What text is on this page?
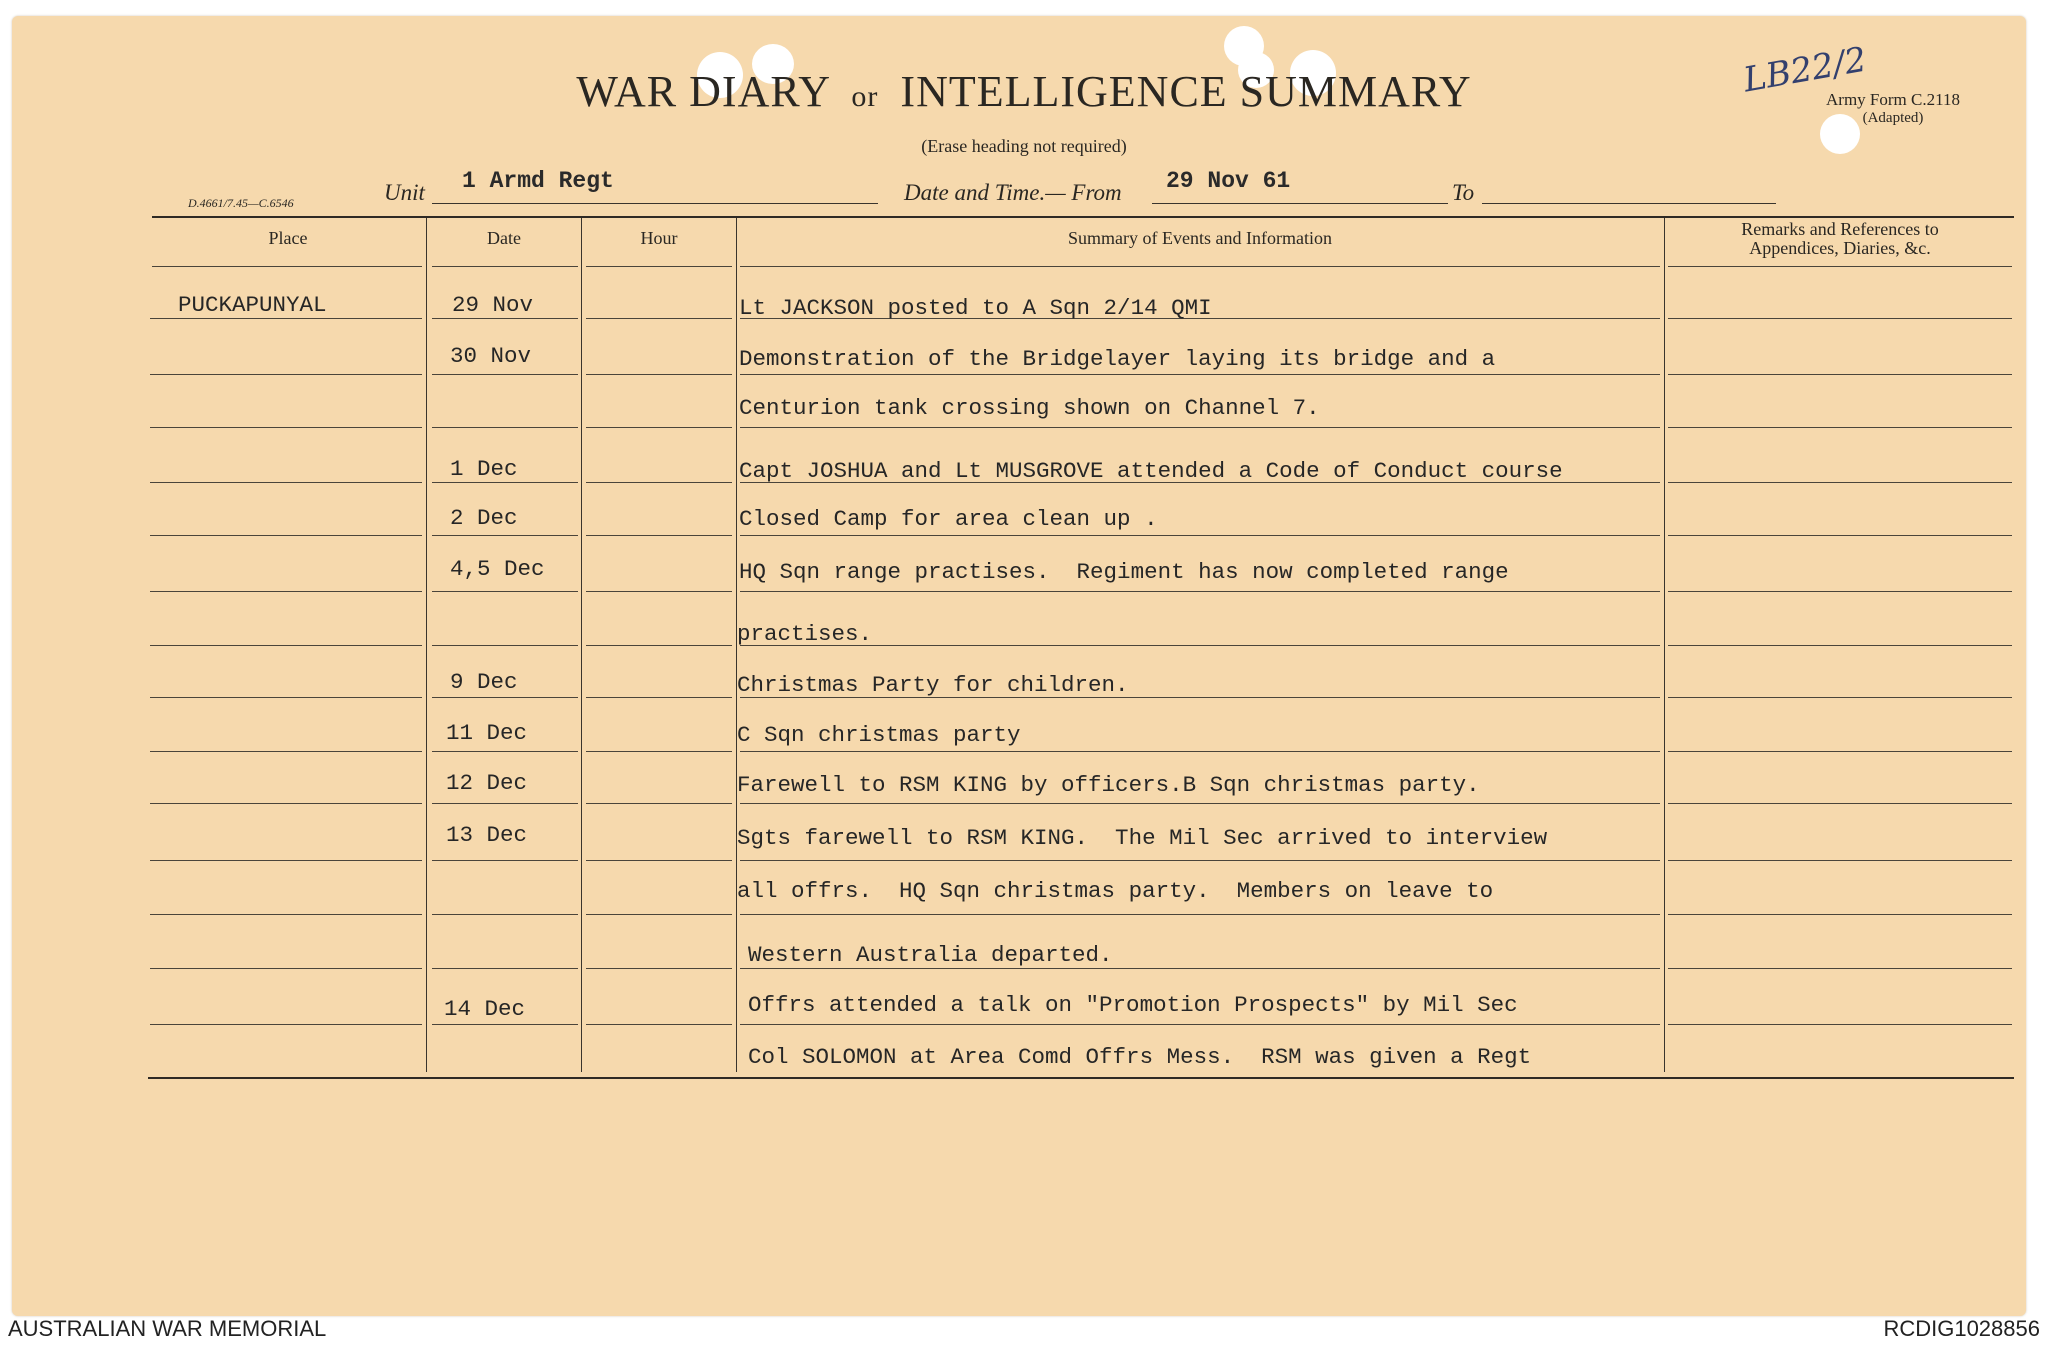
WAR DIARY or INTELLIGENCE SUMMARY
(Erase heading not required)
Army Form C.2118
(Adapted)
LB22/2
D.4661/7.45—C.6546	Unit 1 Armd Regt	Date and Time.— From 29 Nov 61	To
Place	Date	Hour	Summary of Events and Information	Remarks and References to
Appendices, Diaries, &c.
PUCKAPUNYAL	29 Nov	Lt JACKSON posted to A Sqn 2/14 QMI
30 Nov	Demonstration of the Bridgelayer laying its bridge and a
Centurion tank crossing shown on Channel 7.
1 Dec	Capt JOSHUA and Lt MUSGROVE attended a Code of Conduct course
2 Dec	Closed Camp for area clean up .
4,5 Dec	HQ Sqn range practises.  Regiment has now completed range
practises.
9 Dec	Christmas Party for children.
11 Dec	C Sqn christmas party
12 Dec	Farewell to RSM KING by officers.B Sqn christmas party.
13 Dec	Sgts farewell to RSM KING.  The Mil Sec arrived to interview
all offrs.  HQ Sqn christmas party.  Members on leave to
Western Australia departed.
14 Dec	Offrs attended a talk on "Promotion Prospects" by Mil Sec
Col SOLOMON at Area Comd Offrs Mess.  RSM was given a Regt
AUSTRALIAN WAR MEMORIAL	RCDIG1028856
